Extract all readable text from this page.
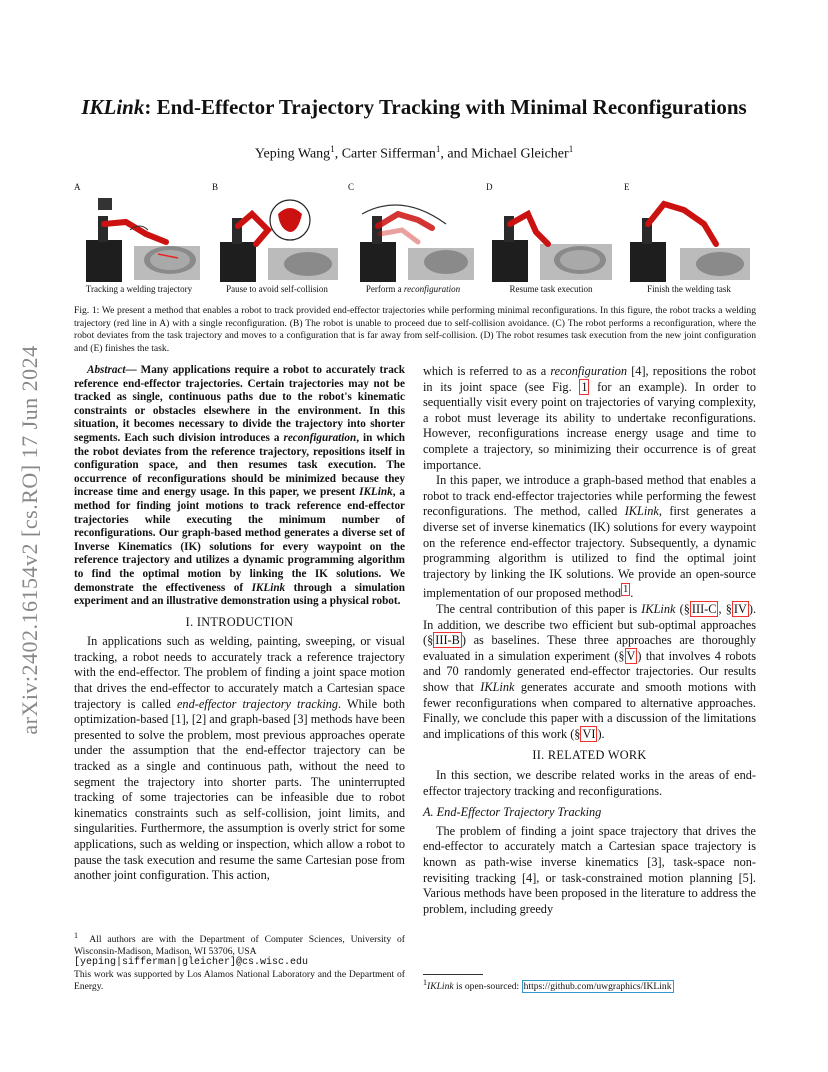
arXiv:2402.16154v2 [cs.RO] 17 Jun 2024
IKLink: End-Effector Trajectory Tracking with Minimal Reconfigurations
Yeping Wang$^1$, Carter Sifferman$^1$, and Michael Gleicher$^1$
A
Tracking a welding trajectory
B
Pause to avoid self-collision
C
Perform a reconfiguration
D
Resume task execution
E
Finish the welding task
Fig. 1: We present a method that enables a robot to track provided end-effector trajectories while performing minimal reconfigurations. In this figure, the robot tracks a welding trajectory (red line in A) with a single reconfiguration. (B) The robot is unable to proceed due to self-collision avoidance. (C) The robot performs a reconfiguration, where the robot deviates from the task trajectory and moves to a configuration that is far away from self-collision. (D) The robot resumes task execution from the new joint configuration and (E) finishes the task.
Abstract— Many applications require a robot to accurately track reference end-effector trajectories. Certain trajectories may not be tracked as single, continuous paths due to the robot's kinematic constraints or obstacles elsewhere in the environment. In this situation, it becomes necessary to divide the trajectory into shorter segments. Each such division introduces a reconfiguration, in which the robot deviates from the reference trajectory, repositions itself in configuration space, and then resumes task execution. The occurrence of reconfigurations should be minimized because they increase time and energy usage. In this paper, we present IKLink, a method for finding joint motions to track reference end-effector trajectories while executing the minimum number of reconfigurations. Our graph-based method generates a diverse set of Inverse Kinematics (IK) solutions for every waypoint on the reference trajectory and utilizes a dynamic programming algorithm to find the optimal motion by linking the IK solutions. We demonstrate the effectiveness of IKLink through a simulation experiment and an illustrative demonstration using a physical robot.
I. INTRODUCTION

In applications such as welding, painting, sweeping, or visual tracking, a robot needs to accurately track a reference trajectory with the end-effector. The problem of finding a joint space motion that drives the end-effector to accurately match a Cartesian space trajectory is called end-effector trajectory tracking. While both optimization-based [1], [2] and graph-based [3] methods have been presented to solve the problem, most previous approaches operate under the assumption that the end-effector trajectory can be tracked as a single and continuous path, without the need to segment the trajectory into shorter parts. The uninterrupted tracking of some trajectories can be infeasible due to robot kinematics constraints such as self-collision, joint limits, and singularities. Furthermore, the assumption is overly strict for some applications, such as welding or inspection, which allow a robot to pause the task execution and resume the same Cartesian pose from another joint configuration. This action,

$^1$ All authors are with the Department of Computer Sciences, University of Wisconsin-Madison, Madison, WI 53706, USA
[yeping|sifferman|gleicher]@cs.wisc.edu
This work was supported by Los Alamos National Laboratory and the Department of Energy.

which is referred to as a reconfiguration [4], repositions the robot in its joint space (see Fig. 1 for an example). In order to sequentially visit every point on trajectories of varying complexity, a robot must leverage its ability to undertake reconfigurations. However, reconfigurations increase energy usage and time to complete a trajectory, so minimizing their occurrence is of great importance.

In this paper, we introduce a graph-based method that enables a robot to track end-effector trajectories while performing the fewest reconfigurations. The method, called IKLink, first generates a diverse set of inverse kinematics (IK) solutions for every waypoint on the reference end-effector trajectory. Subsequently, a dynamic programming algorithm is utilized to find the optimal joint trajectory by linking the IK solutions. We provide an open-source implementation of our proposed method $^1$ .

The central contribution of this paper is IKLink (§ III-C , § IV ). In addition, we describe two efficient but sub-optimal approaches (§ III-B ) as baselines. These three approaches are thoroughly evaluated in a simulation experiment (§ V ) that involves 4 robots and 70 randomly generated end-effector trajectories. Our results show that IKLink generates accurate and smooth motions with fewer reconfigurations when compared to alternative approaches. Finally, we conclude this paper with a discussion of the limitations and implications of this work (§ VI ).

II. RELATED WORK

In this section, we describe related works in the areas of end-effector trajectory tracking and reconfigurations.

A. End-Effector Trajectory Tracking

The problem of finding a joint space trajectory that drives the end-effector to accurately match a Cartesian space trajectory is known as path-wise inverse kinematics [3], task-space non-revisiting tracking [4], or task-constrained motion planning [5]. Various methods have been proposed in the literature to address the problem, including greedy

$^1$IKLink is open-sourced: https://github.com/uwgraphics/IKLink
